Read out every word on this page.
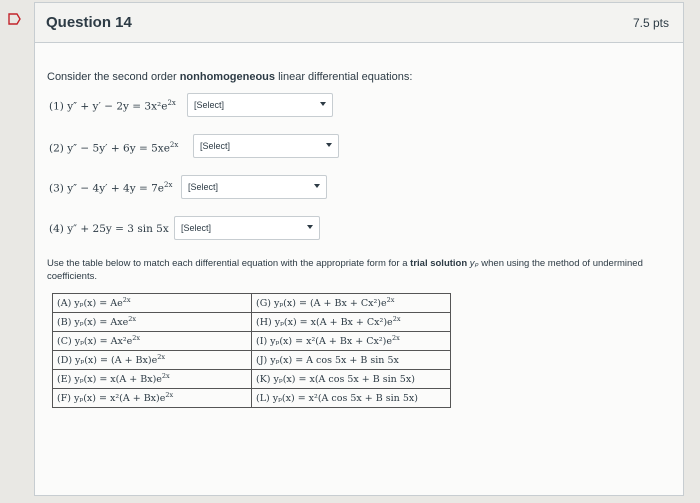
Question 14	7.5 pts
Consider the second order nonhomogeneous linear differential equations:
(1) $y'' + y' - 2y = 3x^2e^{2x}$ [Select]
(2) $y'' - 5y' + 6y = 5xe^{2x}$ [Select]
(3) $y'' - 4y' + 4y = 7e^{2x}$ [Select]
(4) y″ + 25y = 3 sin 5x [Select]
Use the table below to match each differential equation with the appropriate form for a trial solution yₚ when using the method of undermined coefficients.
(A) $y_p(x) = Ae^{2x}$	(G) $y_p(x) = (A + Bx + Cx^2)e^{2x}$
(B) yₚ(x) = Axe$^{2x}$	(H) $y_p(x) = x(A + Bx + Cx^2)e^{2x}$
(C) $y_p(x) = Ax^2e^{2x}$	(I) $y_p(x) = x^2(A + Bx + Cx^2)e^{2x}$
(D) $y_p(x) = (A + Bx)e^{2x}$	(J) yₚ(x) = A cos 5x + B sin 5x
(E) $y_p(x) = x(A + Bx)e^{2x}$	(K) yₚ(x) = x(A cos 5x + B sin 5x)
(F) $y_p(x) = x^2(A + Bx)e^{2x}$	(L) yₚ(x) = x²(A cos 5x + B sin 5x)
